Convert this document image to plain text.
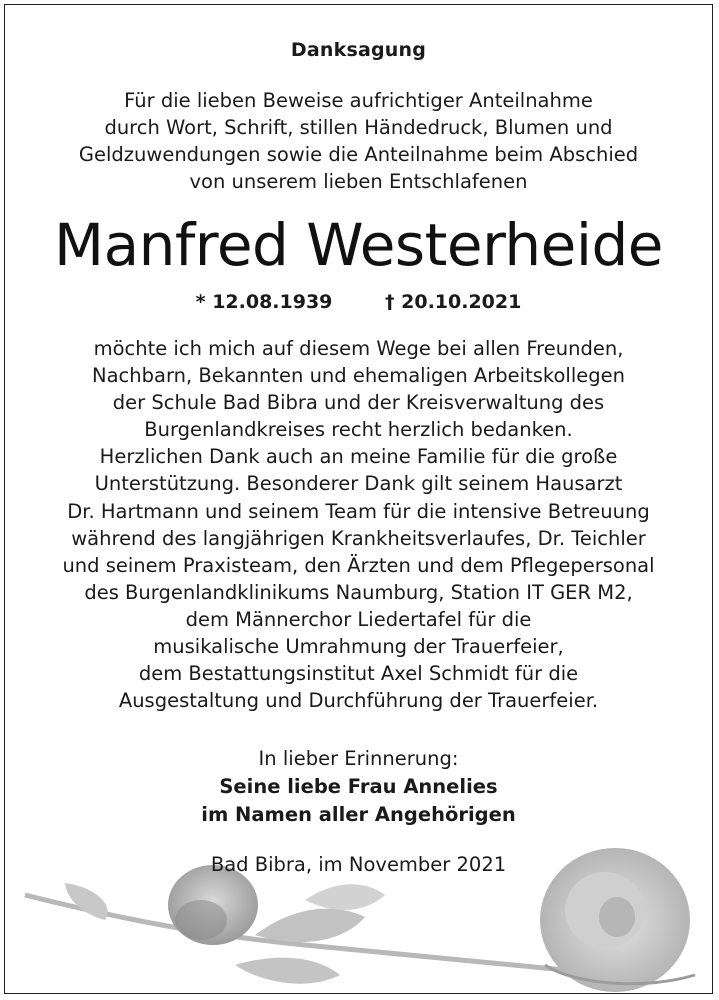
Danksagung
Für die lieben Beweise aufrichtiger Anteilnahme
durch Wort, Schrift, stillen Händedruck, Blumen und
Geldzuwendungen sowie die Anteilnahme beim Abschied
von unserem lieben Entschlafenen
Manfred Westerheide
* 12.08.1939	† 20.10.2021
möchte ich mich auf diesem Wege bei allen Freunden,
Nachbarn, Bekannten und ehemaligen Arbeitskollegen
der Schule Bad Bibra und der Kreisverwaltung des
Burgenlandkreises recht herzlich bedanken.
Herzlichen Dank auch an meine Familie für die große
Unterstützung. Besonderer Dank gilt seinem Hausarzt
Dr. Hartmann und seinem Team für die intensive Betreuung
während des langjährigen Krankheitsverlaufes, Dr. Teichler
und seinem Praxisteam, den Ärzten und dem Pflegepersonal
des Burgenlandklinikums Naumburg, Station IT GER M2,
dem Männerchor Liedertafel für die
musikalische Umrahmung der Trauerfeier,
dem Bestattungsinstitut Axel Schmidt für die
Ausgestaltung und Durchführung der Trauerfeier.
In lieber Erinnerung:
Seine liebe Frau Annelies
im Namen aller Angehörigen
Bad Bibra, im November 2021
